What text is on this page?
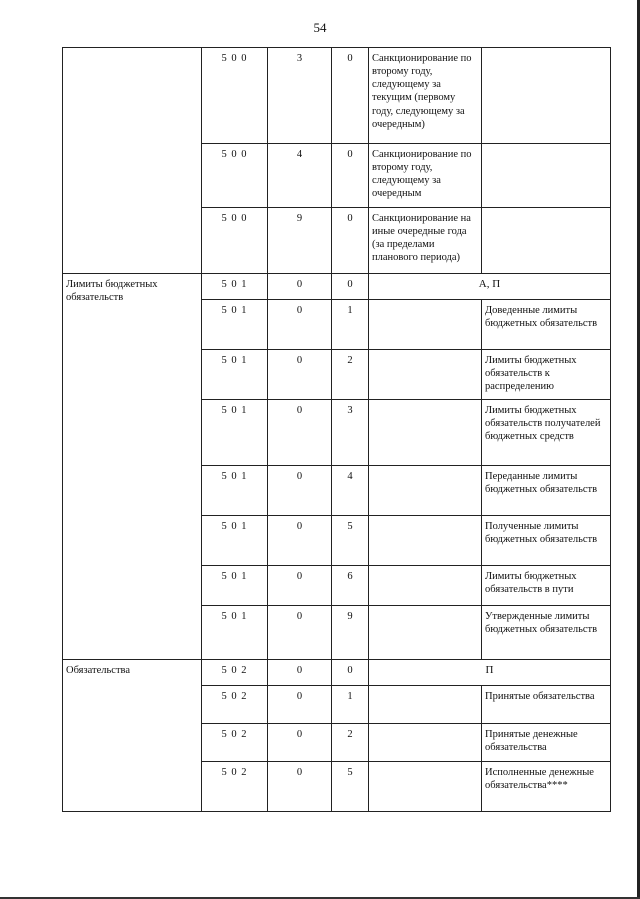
54
	5 0 0	3	0	Санкционирование по второму году, следующему за текущим (первому году, следующему за очередным)	
	5 0 0	4	0	Санкционирование по второму году, следующему за очередным	
	5 0 0	9	0	Санкционирование на иные очередные года (за пределами планового периода)	
Лимиты бюджетных обязательств	5 0 1	0	0	А, П	
	5 0 1	0	1		Доведенные лимиты бюджетных обязательств
	5 0 1	0	2		Лимиты бюджетных обязательств к распределению
	5 0 1	0	3		Лимиты бюджетных обязательств получателей бюджетных средств
	5 0 1	0	4		Переданные лимиты бюджетных обязательств
	5 0 1	0	5		Полученные лимиты бюджетных обязательств
	5 0 1	0	6		Лимиты бюджетных обязательств в пути
	5 0 1	0	9		Утвержденные лимиты бюджетных обязательств
Обязательства	5 0 2	0	0	П	
	5 0 2	0	1		Принятые обязательства
	5 0 2	0	2		Принятые денежные обязательства
	5 0 2	0	5		Исполненные денежные обязательства****
